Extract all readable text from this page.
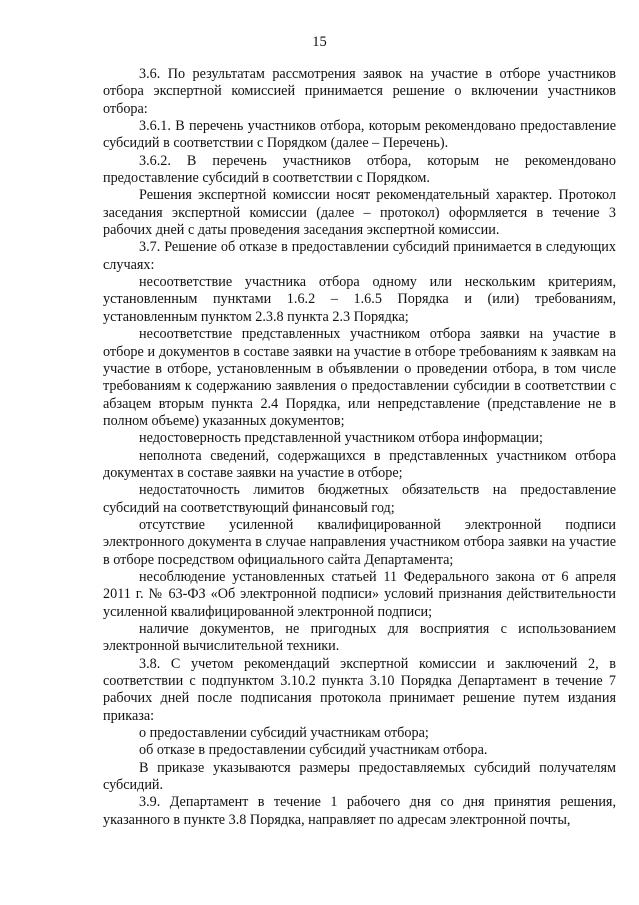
15

3.6. По результатам рассмотрения заявок на участие в отборе участников отбора экспертной комиссией принимается решение о включении участников отбора:

3.6.1. В перечень участников отбора, которым рекомендовано предоставление субсидий в соответствии с Порядком (далее – Перечень).

3.6.2. В перечень участников отбора, которым не рекомендовано предоставление субсидий в соответствии с Порядком.

Решения экспертной комиссии носят рекомендательный характер. Протокол заседания экспертной комиссии (далее – протокол) оформляется в течение 3 рабочих дней с даты проведения заседания экспертной комиссии.

3.7. Решение об отказе в предоставлении субсидий принимается в следующих случаях:

несоответствие участника отбора одному или нескольким критериям, установленным пунктами 1.6.2 – 1.6.5 Порядка и (или) требованиям, установленным пунктом 2.3.8 пункта 2.3 Порядка;

несоответствие представленных участником отбора заявки на участие в отборе и документов в составе заявки на участие в отборе требованиям к заявкам на участие в отборе, установленным в объявлении о проведении отбора, в том числе требованиям к содержанию заявления о предоставлении субсидии в соответствии с абзацем вторым пункта 2.4 Порядка, или непредставление (представление не в полном объеме) указанных документов;

недостоверность представленной участником отбора информации;

неполнота сведений, содержащихся в представленных участником отбора документах в составе заявки на участие в отборе;

недостаточность лимитов бюджетных обязательств на предоставление субсидий на соответствующий финансовый год;

отсутствие усиленной квалифицированной электронной подписи электронного документа в случае направления участником отбора заявки на участие в отборе посредством официального сайта Департамента;

несоблюдение установленных статьей 11 Федерального закона от 6 апреля 2011 г. № 63-ФЗ «Об электронной подписи» условий признания действительности усиленной квалифицированной электронной подписи;

наличие документов, не пригодных для восприятия с использованием электронной вычислительной техники.

3.8. С учетом рекомендаций экспертной комиссии и заключений 2, в соответствии с подпунктом 3.10.2 пункта 3.10 Порядка Департамент в течение 7 рабочих дней после подписания протокола принимает решение путем издания приказа:

о предоставлении субсидий участникам отбора;

об отказе в предоставлении субсидий участникам отбора.

В приказе указываются размеры предоставляемых субсидий получателям субсидий.

3.9. Департамент в течение 1 рабочего дня со дня принятия решения, указанного в пункте 3.8 Порядка, направляет по адресам электронной почты,
